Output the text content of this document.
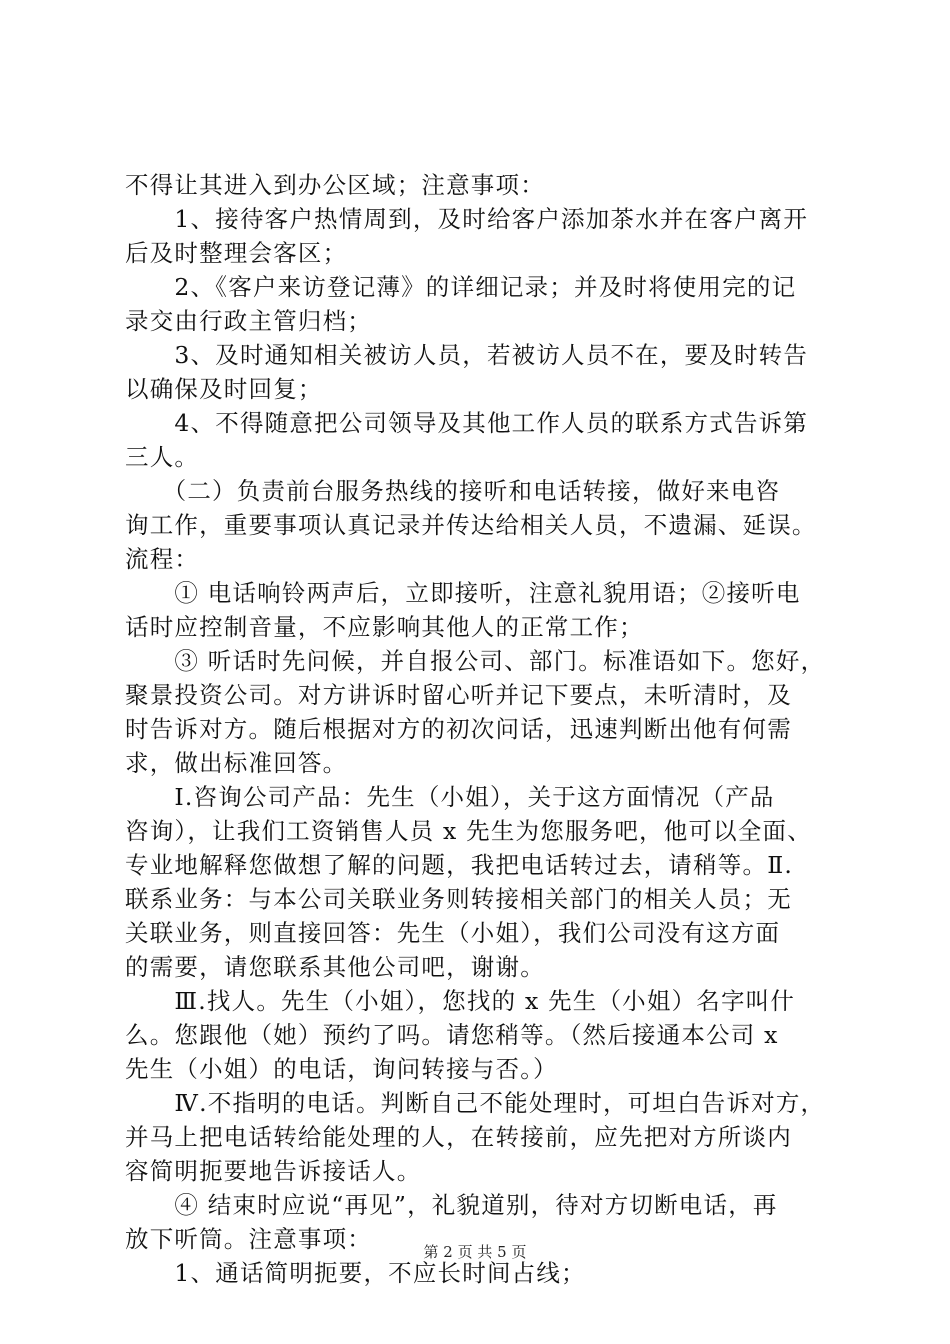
不得让其进入到办公区域；注意事项：
　　1、接待客户热情周到，及时给客户添加茶水并在客户离开
后及时整理会客区；
　　2、《客户来访登记薄》的详细记录；并及时将使用完的记
录交由行政主管归档；
　　3、及时通知相关被访人员，若被访人员不在，要及时转告
以确保及时回复；
　　4、不得随意把公司领导及其他工作人员的联系方式告诉第
三人。
　　（二）负责前台服务热线的接听和电话转接，做好来电咨
询工作，重要事项认真记录并传达给相关人员，不遗漏、延误。
流程：
　　① 电话响铃两声后，立即接听，注意礼貌用语；②接听电
话时应控制音量，不应影响其他人的正常工作；
　　③ 听话时先问候，并自报公司、部门。标准语如下。您好，
聚景投资公司。对方讲诉时留心听并记下要点，未听清时，及
时告诉对方。随后根据对方的初次问话，迅速判断出他有何需
求，做出标准回答。
　　Ⅰ.咨询公司产品：先生（小姐），关于这方面情况（产品
咨询），让我们工资销售人员 x 先生为您服务吧，他可以全面、
专业地解释您做想了解的问题，我把电话转过去，请稍等。Ⅱ.
联系业务：与本公司关联业务则转接相关部门的相关人员；无
关联业务，则直接回答：先生（小姐），我们公司没有这方面
的需要，请您联系其他公司吧，谢谢。
　　Ⅲ.找人。先生（小姐），您找的 x 先生（小姐）名字叫什
么。您跟他（她）预约了吗。请您稍等。（然后接通本公司 x
先生（小姐）的电话，询问转接与否。）
　　Ⅳ.不指明的电话。判断自己不能处理时，可坦白告诉对方，
并马上把电话转给能处理的人，在转接前，应先把对方所谈内
容简明扼要地告诉接话人。
　　④ 结束时应说“再见”，礼貌道别，待对方切断电话，再
放下听筒。注意事项：
　　1、通话简明扼要，不应长时间占线；
第 2 页 共 5 页
